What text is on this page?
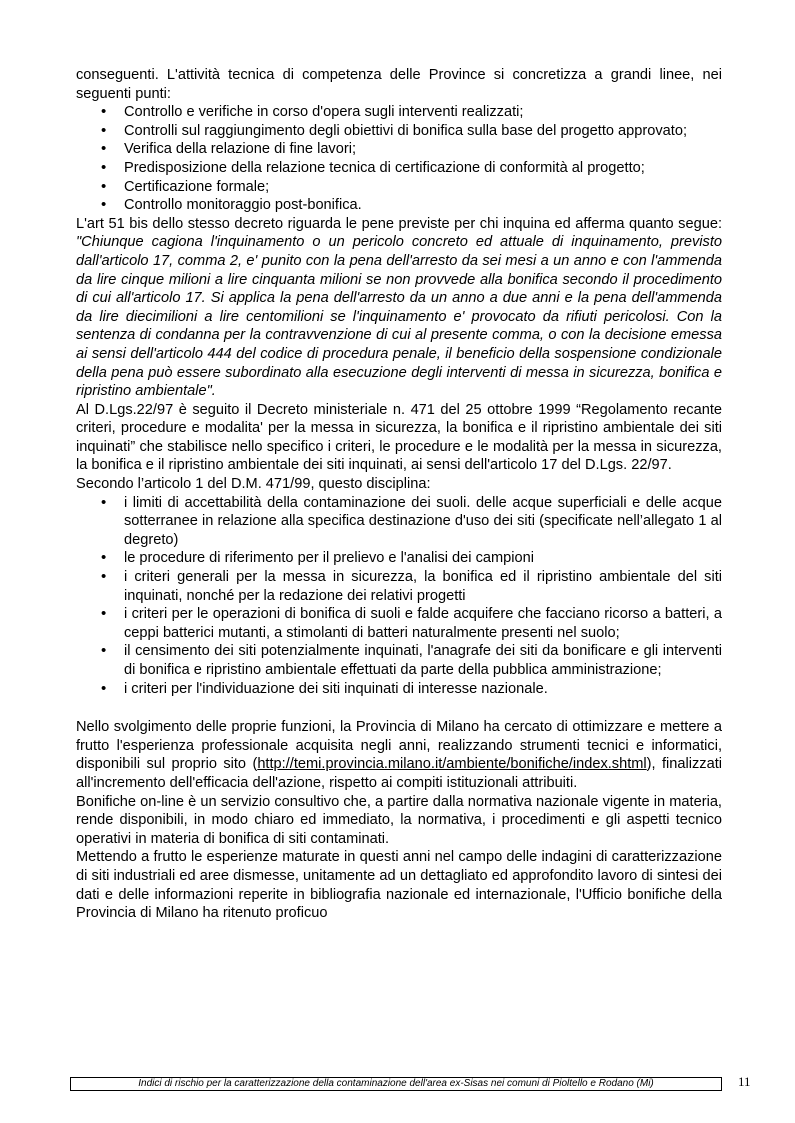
conseguenti. L'attività tecnica di competenza delle Province si concretizza a grandi linee, nei seguenti punti:

• Controllo e verifiche in corso d'opera sugli interventi realizzati;
• Controlli sul raggiungimento degli obiettivi di bonifica sulla base del progetto approvato;
• Verifica della relazione di fine lavori;
• Predisposizione della relazione tecnica di certificazione di conformità al progetto;
• Certificazione formale;
• Controllo monitoraggio post-bonifica.

L'art 51 bis dello stesso decreto riguarda le pene previste per chi inquina ed afferma quanto segue: "Chiunque cagiona l'inquinamento o un pericolo concreto ed attuale di inquinamento, previsto dall'articolo 17, comma 2, e' punito con la pena dell'arresto da sei mesi a un anno e con l'ammenda da lire cinque milioni a lire cinquanta milioni se non provvede alla bonifica secondo il procedimento di cui all'articolo 17. Si applica la pena dell'arresto da un anno a due anni e la pena dell'ammenda da lire diecimilioni a lire centomilioni se l'inquinamento e' provocato da rifiuti pericolosi. Con la sentenza di condanna per la contravvenzione di cui al presente comma, o con la decisione emessa ai sensi dell'articolo 444 del codice di procedura penale, il beneficio della sospensione condizionale della pena può essere subordinato alla esecuzione degli interventi di messa in sicurezza, bonifica e ripristino ambientale".

Al D.Lgs.22/97 è seguito il Decreto ministeriale n. 471 del 25 ottobre 1999 “Regolamento recante criteri, procedure e modalita' per la messa in sicurezza, la bonifica e il ripristino ambientale dei siti inquinati” che stabilisce nello specifico i criteri, le procedure e le modalità per la messa in sicurezza, la bonifica e il ripristino ambientale dei siti inquinati, ai sensi dell'articolo 17 del D.Lgs. 22/97.

Secondo l’articolo 1 del D.M. 471/99, questo disciplina:

• i limiti di accettabilità della contaminazione dei suoli. delle acque superficiali e delle acque sotterranee in relazione alla specifica destinazione d'uso dei siti (specificate nell’allegato 1 al degreto)
• le procedure di riferimento per il prelievo e l'analisi dei campioni
• i criteri generali per la messa in sicurezza, la bonifica ed il ripristino ambientale del siti inquinati, nonché per la redazione dei relativi progetti
• i criteri per le operazioni di bonifica di suoli e falde acquifere che facciano ricorso a batteri, a ceppi batterici mutanti, a stimolanti di batteri naturalmente presenti nel suolo;
• il censimento dei siti potenzialmente inquinati, l'anagrafe dei siti da bonificare e gli interventi di bonifica e ripristino ambientale effettuati da parte della pubblica amministrazione;
• i criteri per l'individuazione dei siti inquinati di interesse nazionale.

Nello svolgimento delle proprie funzioni, la Provincia di Milano ha cercato di ottimizzare e mettere a frutto l'esperienza professionale acquisita negli anni, realizzando strumenti tecnici e informatici, disponibili sul proprio sito (http://temi.provincia.milano.it/ambiente/bonifiche/index.shtml), finalizzati all'incremento dell'efficacia dell'azione, rispetto ai compiti istituzionali attribuiti.

Bonifiche on-line è un servizio consultivo che, a partire dalla normativa nazionale vigente in materia, rende disponibili, in modo chiaro ed immediato, la normativa, i procedimenti e gli aspetti tecnico operativi in materia di bonifica di siti contaminati.

Mettendo a frutto le esperienze maturate in questi anni nel campo delle indagini di caratterizzazione di siti industriali ed aree dismesse, unitamente ad un dettagliato ed approfondito lavoro di sintesi dei dati e delle informazioni reperite in bibliografia nazionale ed internazionale, l'Ufficio bonifiche della Provincia di Milano ha ritenuto proficuo

Indici di rischio per la caratterizzazione della contaminazione dell'area ex-Sisas nei comuni di Pioltello e Rodano (Mi)	11
